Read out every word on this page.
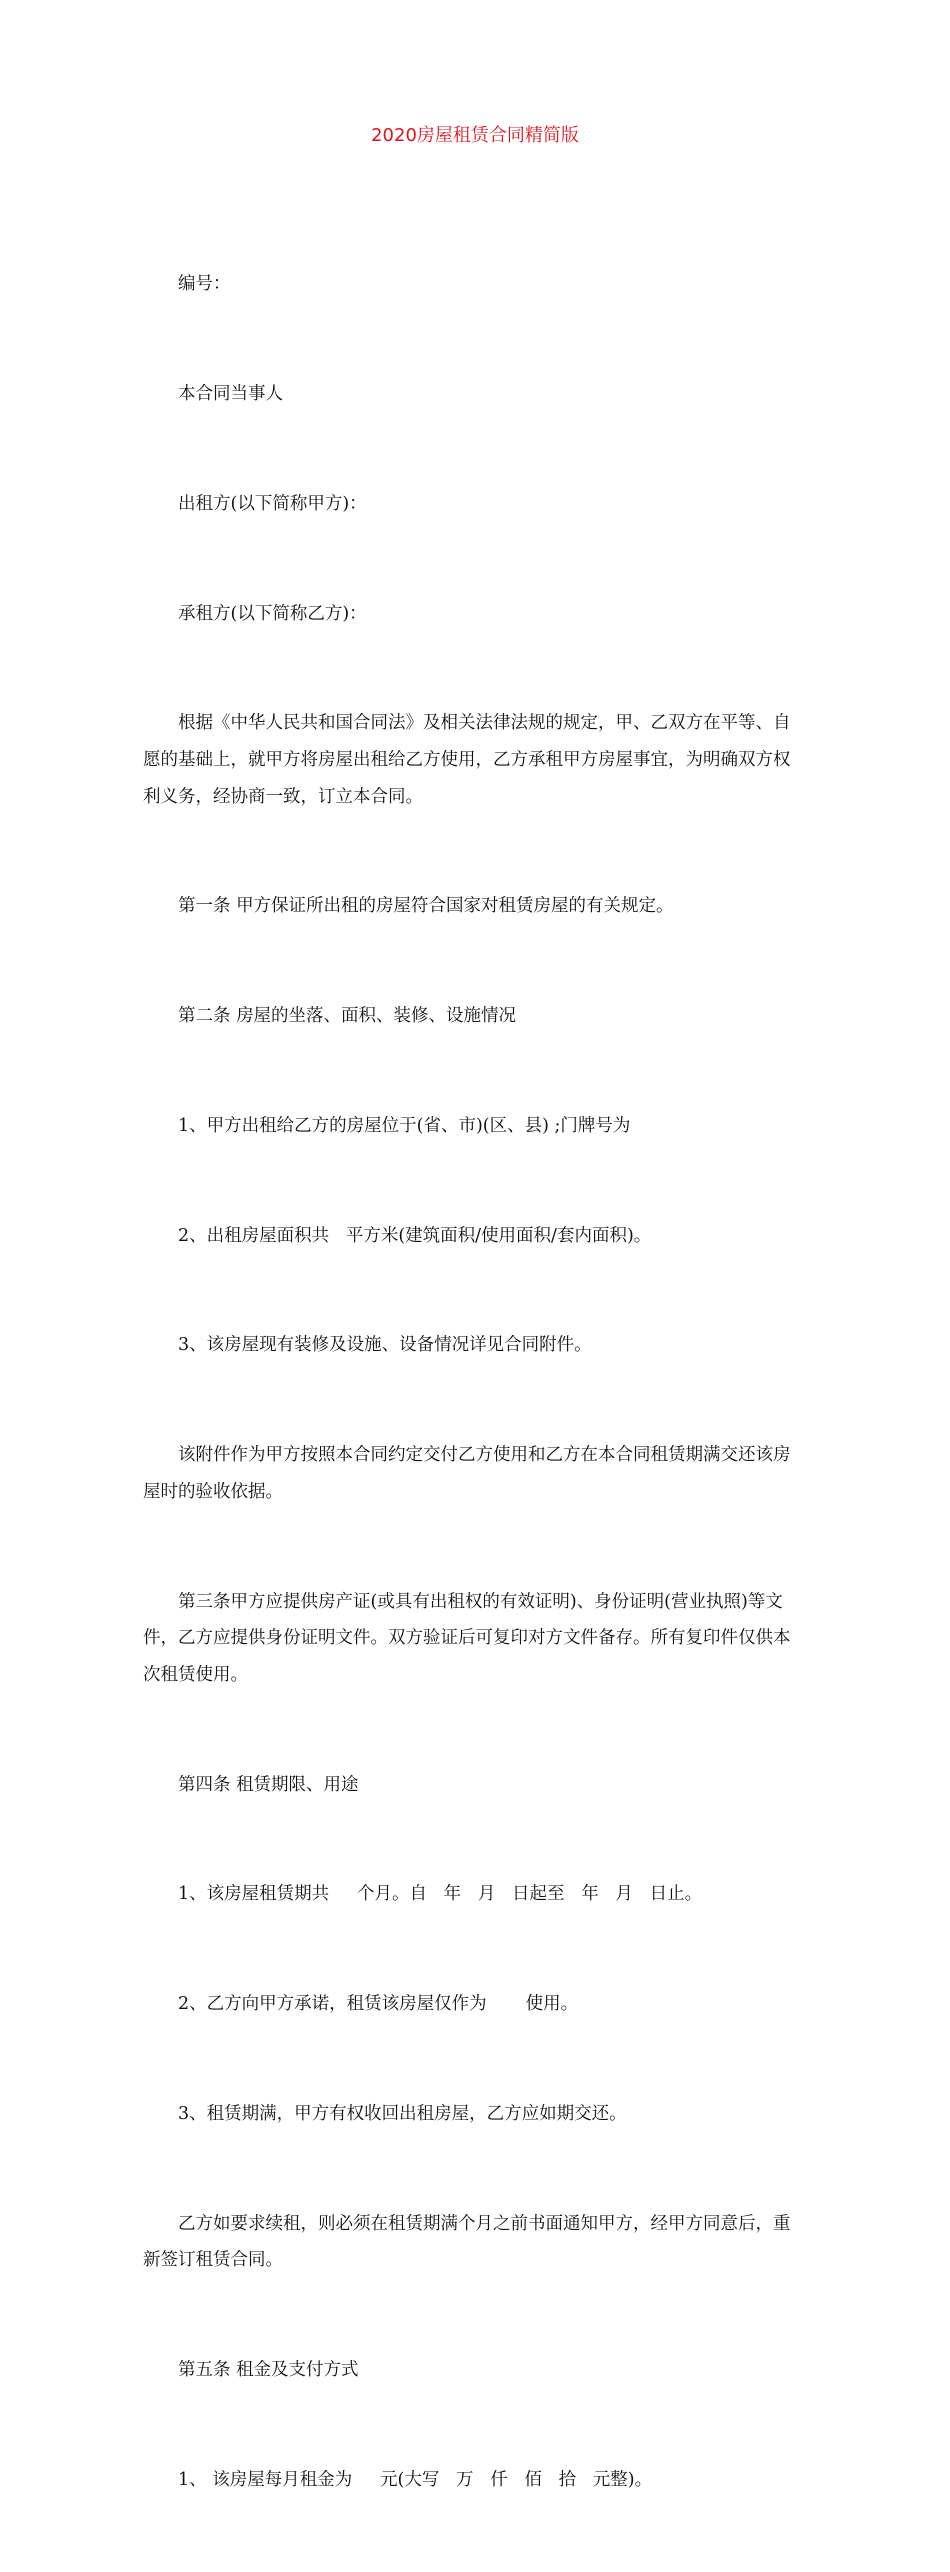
2020房屋租赁合同精简版

编号：

本合同当事人

出租方(以下简称甲方)：

承租方(以下简称乙方)：

根据《中华人民共和国合同法》及相关法律法规的规定，甲、乙双方在平等、自愿的基础上，就甲方将房屋出租给乙方使用，乙方承租甲方房屋事宜，为明确双方权利义务，经协商一致，订立本合同。

第一条 甲方保证所出租的房屋符合国家对租赁房屋的有关规定。

第二条 房屋的坐落、面积、装修、设施情况

1、甲方出租给乙方的房屋位于(省、市)(区、县) ;门牌号为

2、出租房屋面积共   平方米(建筑面积/使用面积/套内面积)。

3、该房屋现有装修及设施、设备情况详见合同附件。

该附件作为甲方按照本合同约定交付乙方使用和乙方在本合同租赁期满交还该房屋时的验收依据。

第三条甲方应提供房产证(或具有出租权的有效证明)、身份证明(营业执照)等文件，乙方应提供身份证明文件。双方验证后可复印对方文件备存。所有复印件仅供本次租赁使用。

第四条 租赁期限、用途

1、该房屋租赁期共     个月。自   年   月   日起至   年   月   日止。

2、乙方向甲方承诺，租赁该房屋仅作为       使用。

3、租赁期满，甲方有权收回出租房屋，乙方应如期交还。

乙方如要求续租，则必须在租赁期满个月之前书面通知甲方，经甲方同意后，重新签订租赁合同。

第五条 租金及支付方式

1、 该房屋每月租金为     元(大写   万   仟   佰   拾   元整)。
